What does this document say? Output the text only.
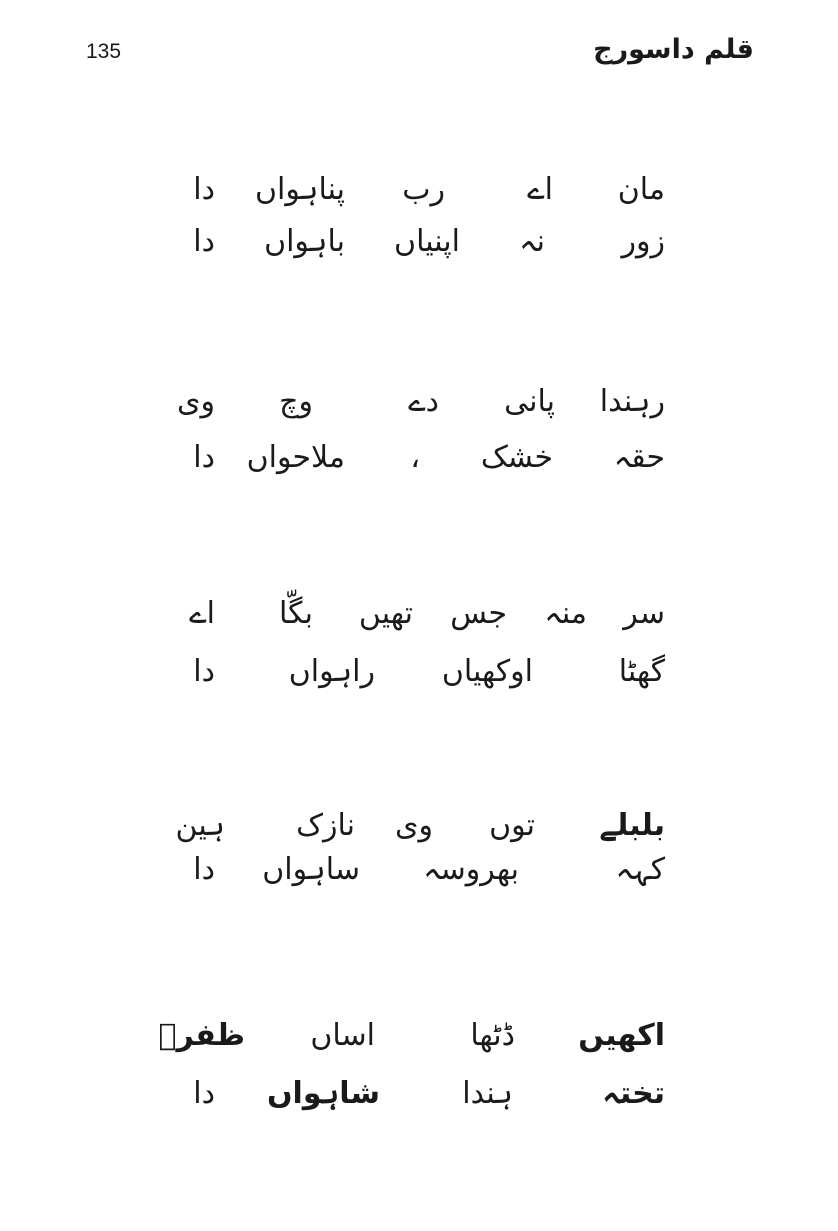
135	قلم داسورج
مان
اے
رب
پناہواں
دا
زور
نہ
اپنیاں
باہواں
دا
رہندا
پانی
دے
وچ
وی
حقہ
خشک
،
ملاحواں
دا
سر
منہ
جس
تھیں
بگّا
اے
گھٹا
اوکھیاں
راہواں
دا
بلبلے
توں
وی
نازک
ہین
کہہ
بھروسہ
ساہواں
دا
اکھیں
ڈٹھا
اساں
ظفرؔ
تختہ
ہندا
شاہواں
دا
